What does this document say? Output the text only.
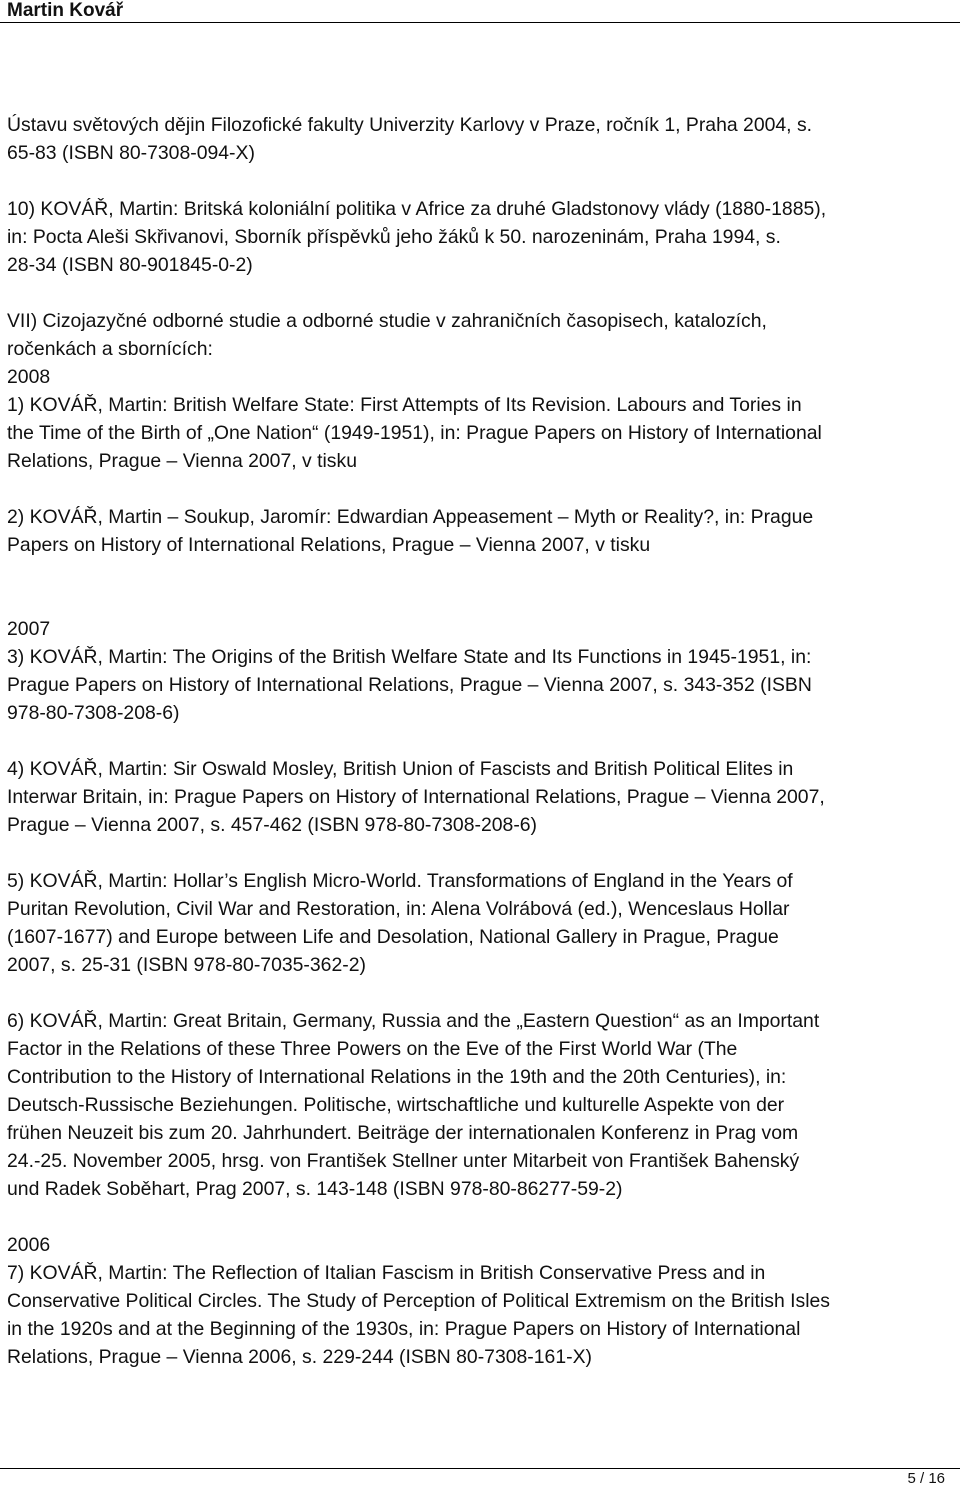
Martin Kovář
Ústavu světových dějin Filozofické fakulty Univerzity Karlovy v Praze, ročník 1, Praha 2004, s.
65-83 (ISBN 80-7308-094-X)
10) KOVÁŘ, Martin: Britská koloniální politika v Africe za druhé Gladstonovy vlády (1880-1885),
in: Pocta Aleši Skřivanovi, Sborník příspěvků jeho žáků k 50. narozeninám, Praha 1994, s.
28-34 (ISBN 80-901845-0-2)
VII) Cizojazyčné odborné studie a odborné studie v zahraničních časopisech, katalozích,
ročenkách a sbornících:
2008
1) KOVÁŘ, Martin: British Welfare State: First Attempts of Its Revision. Labours and Tories in
the Time of the Birth of „One Nation“ (1949-1951), in: Prague Papers on History of International
Relations, Prague – Vienna 2007, v tisku
2) KOVÁŘ, Martin – Soukup, Jaromír: Edwardian Appeasement – Myth or Reality?, in: Prague
Papers on History of International Relations, Prague – Vienna 2007, v tisku
2007
3) KOVÁŘ, Martin: The Origins of the British Welfare State and Its Functions in 1945-1951, in:
Prague Papers on History of International Relations, Prague – Vienna 2007, s. 343-352 (ISBN
978-80-7308-208-6)
4) KOVÁŘ, Martin: Sir Oswald Mosley, British Union of Fascists and British Political Elites in
Interwar Britain, in: Prague Papers on History of International Relations, Prague – Vienna 2007,
Prague – Vienna 2007, s. 457-462 (ISBN 978-80-7308-208-6)
5) KOVÁŘ, Martin: Hollar’s English Micro-World. Transformations of England in the Years of
Puritan Revolution, Civil War and Restoration, in: Alena Volrábová (ed.), Wenceslaus Hollar
(1607-1677) and Europe between Life and Desolation, National Gallery in Prague, Prague
2007, s. 25-31 (ISBN 978-80-7035-362-2)
6) KOVÁŘ, Martin: Great Britain, Germany, Russia and the „Eastern Question“ as an Important
Factor in the Relations of these Three Powers on the Eve of the First World War (The
Contribution to the History of International Relations in the 19th and the 20th Centuries), in:
Deutsch-Russische Beziehungen. Politische, wirtschaftliche und kulturelle Aspekte von der
frühen Neuzeit bis zum 20. Jahrhundert. Beiträge der internationalen Konferenz in Prag vom
24.-25. November 2005, hrsg. von František Stellner unter Mitarbeit von František Bahenský
und Radek Soběhart, Prag 2007, s. 143-148 (ISBN 978-80-86277-59-2)
2006
7) KOVÁŘ, Martin: The Reflection of Italian Fascism in British Conservative Press and in
Conservative Political Circles. The Study of Perception of Political Extremism on the British Isles
in the 1920s and at the Beginning of the 1930s, in: Prague Papers on History of International
Relations, Prague – Vienna 2006, s. 229-244 (ISBN 80-7308-161-X)
5 / 16
